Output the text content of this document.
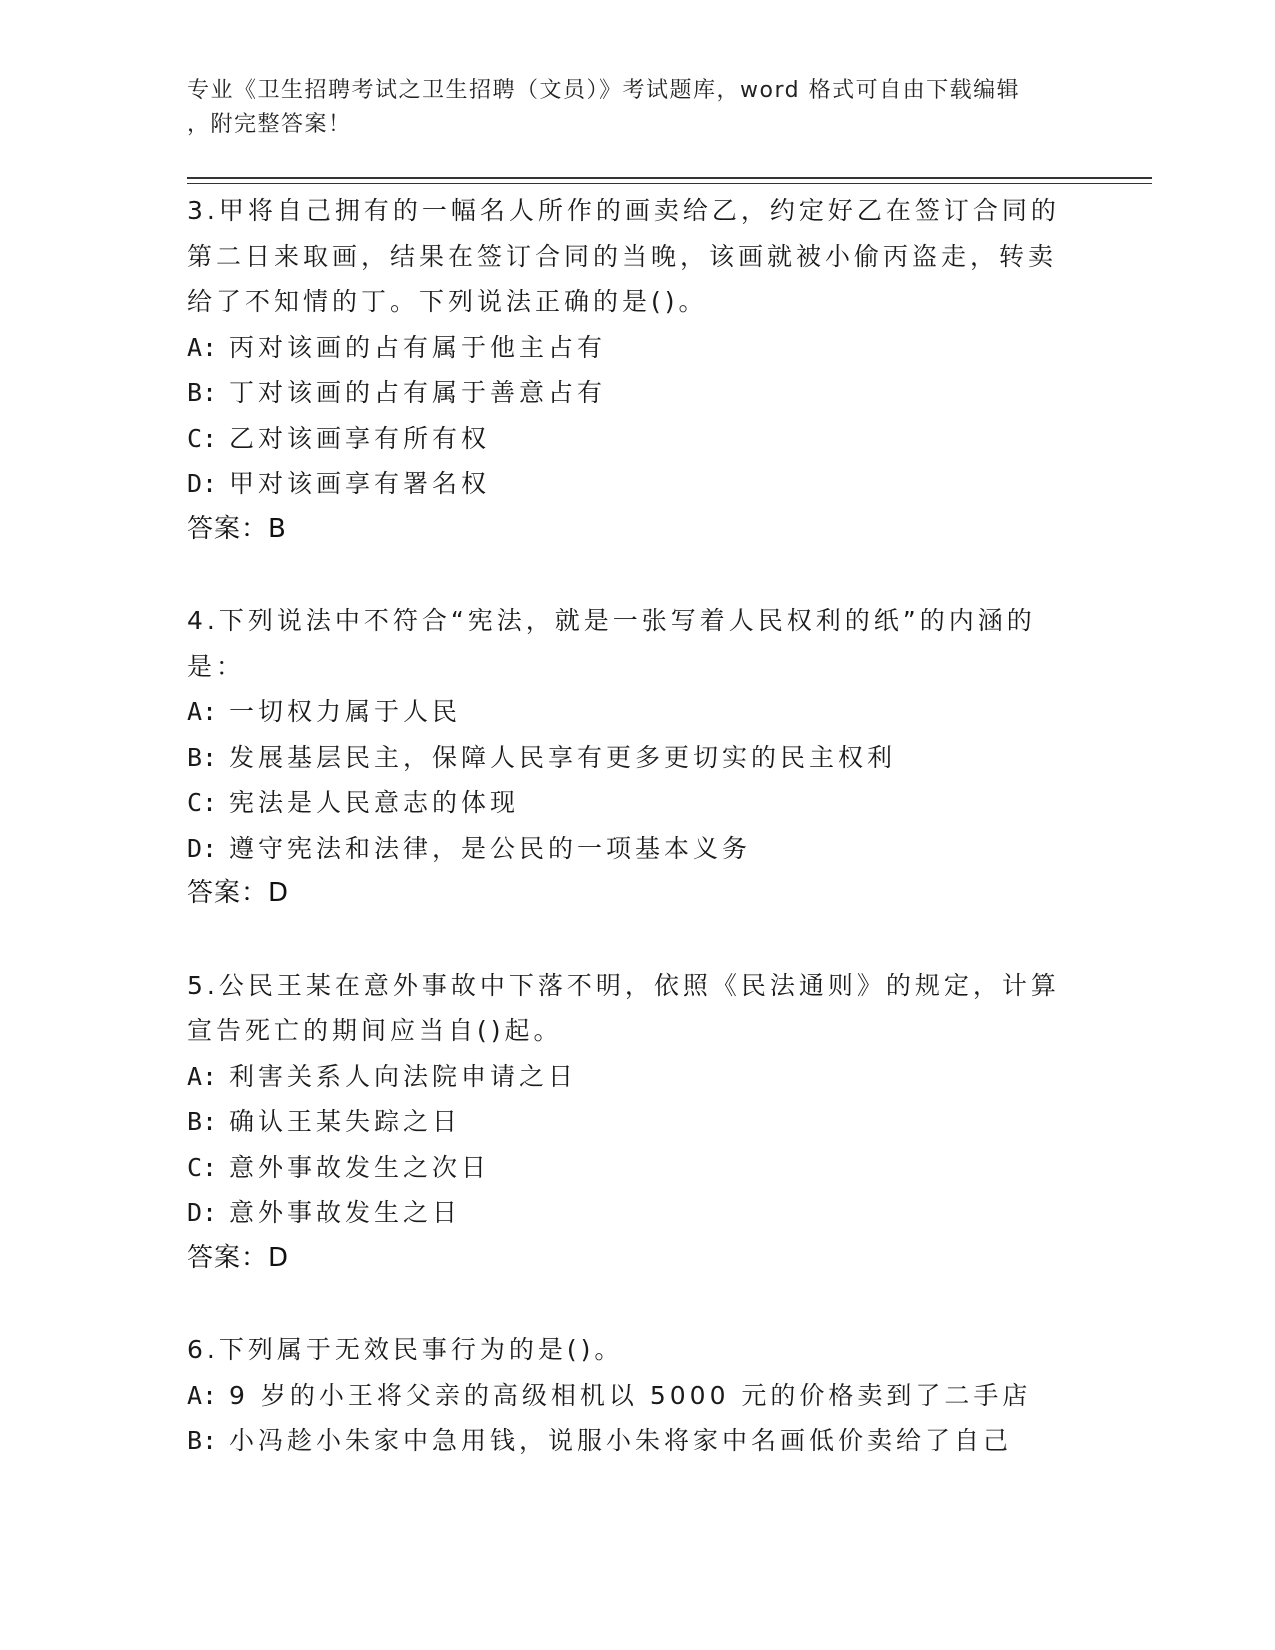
专业《卫生招聘考试之卫生招聘（文员）》考试题库，word 格式可自由下载编辑
，附完整答案！
3.甲将自己拥有的一幅名人所作的画卖给乙，约定好乙在签订合同的
第二日来取画，结果在签订合同的当晚，该画就被小偷丙盗走，转卖
给了不知情的丁。下列说法正确的是()。
A: 丙对该画的占有属于他主占有
B: 丁对该画的占有属于善意占有
C: 乙对该画享有所有权
D: 甲对该画享有署名权
答案：B
4.下列说法中不符合“宪法，就是一张写着人民权利的纸”的内涵的
是：
A: 一切权力属于人民
B: 发展基层民主，保障人民享有更多更切实的民主权利
C: 宪法是人民意志的体现
D: 遵守宪法和法律，是公民的一项基本义务
答案：D
5.公民王某在意外事故中下落不明，依照《民法通则》的规定，计算
宣告死亡的期间应当自()起。
A: 利害关系人向法院申请之日
B: 确认王某失踪之日
C: 意外事故发生之次日
D: 意外事故发生之日
答案：D
6.下列属于无效民事行为的是()。
A: 9 岁的小王将父亲的高级相机以 5000 元的价格卖到了二手店
B: 小冯趁小朱家中急用钱，说服小朱将家中名画低价卖给了自己
